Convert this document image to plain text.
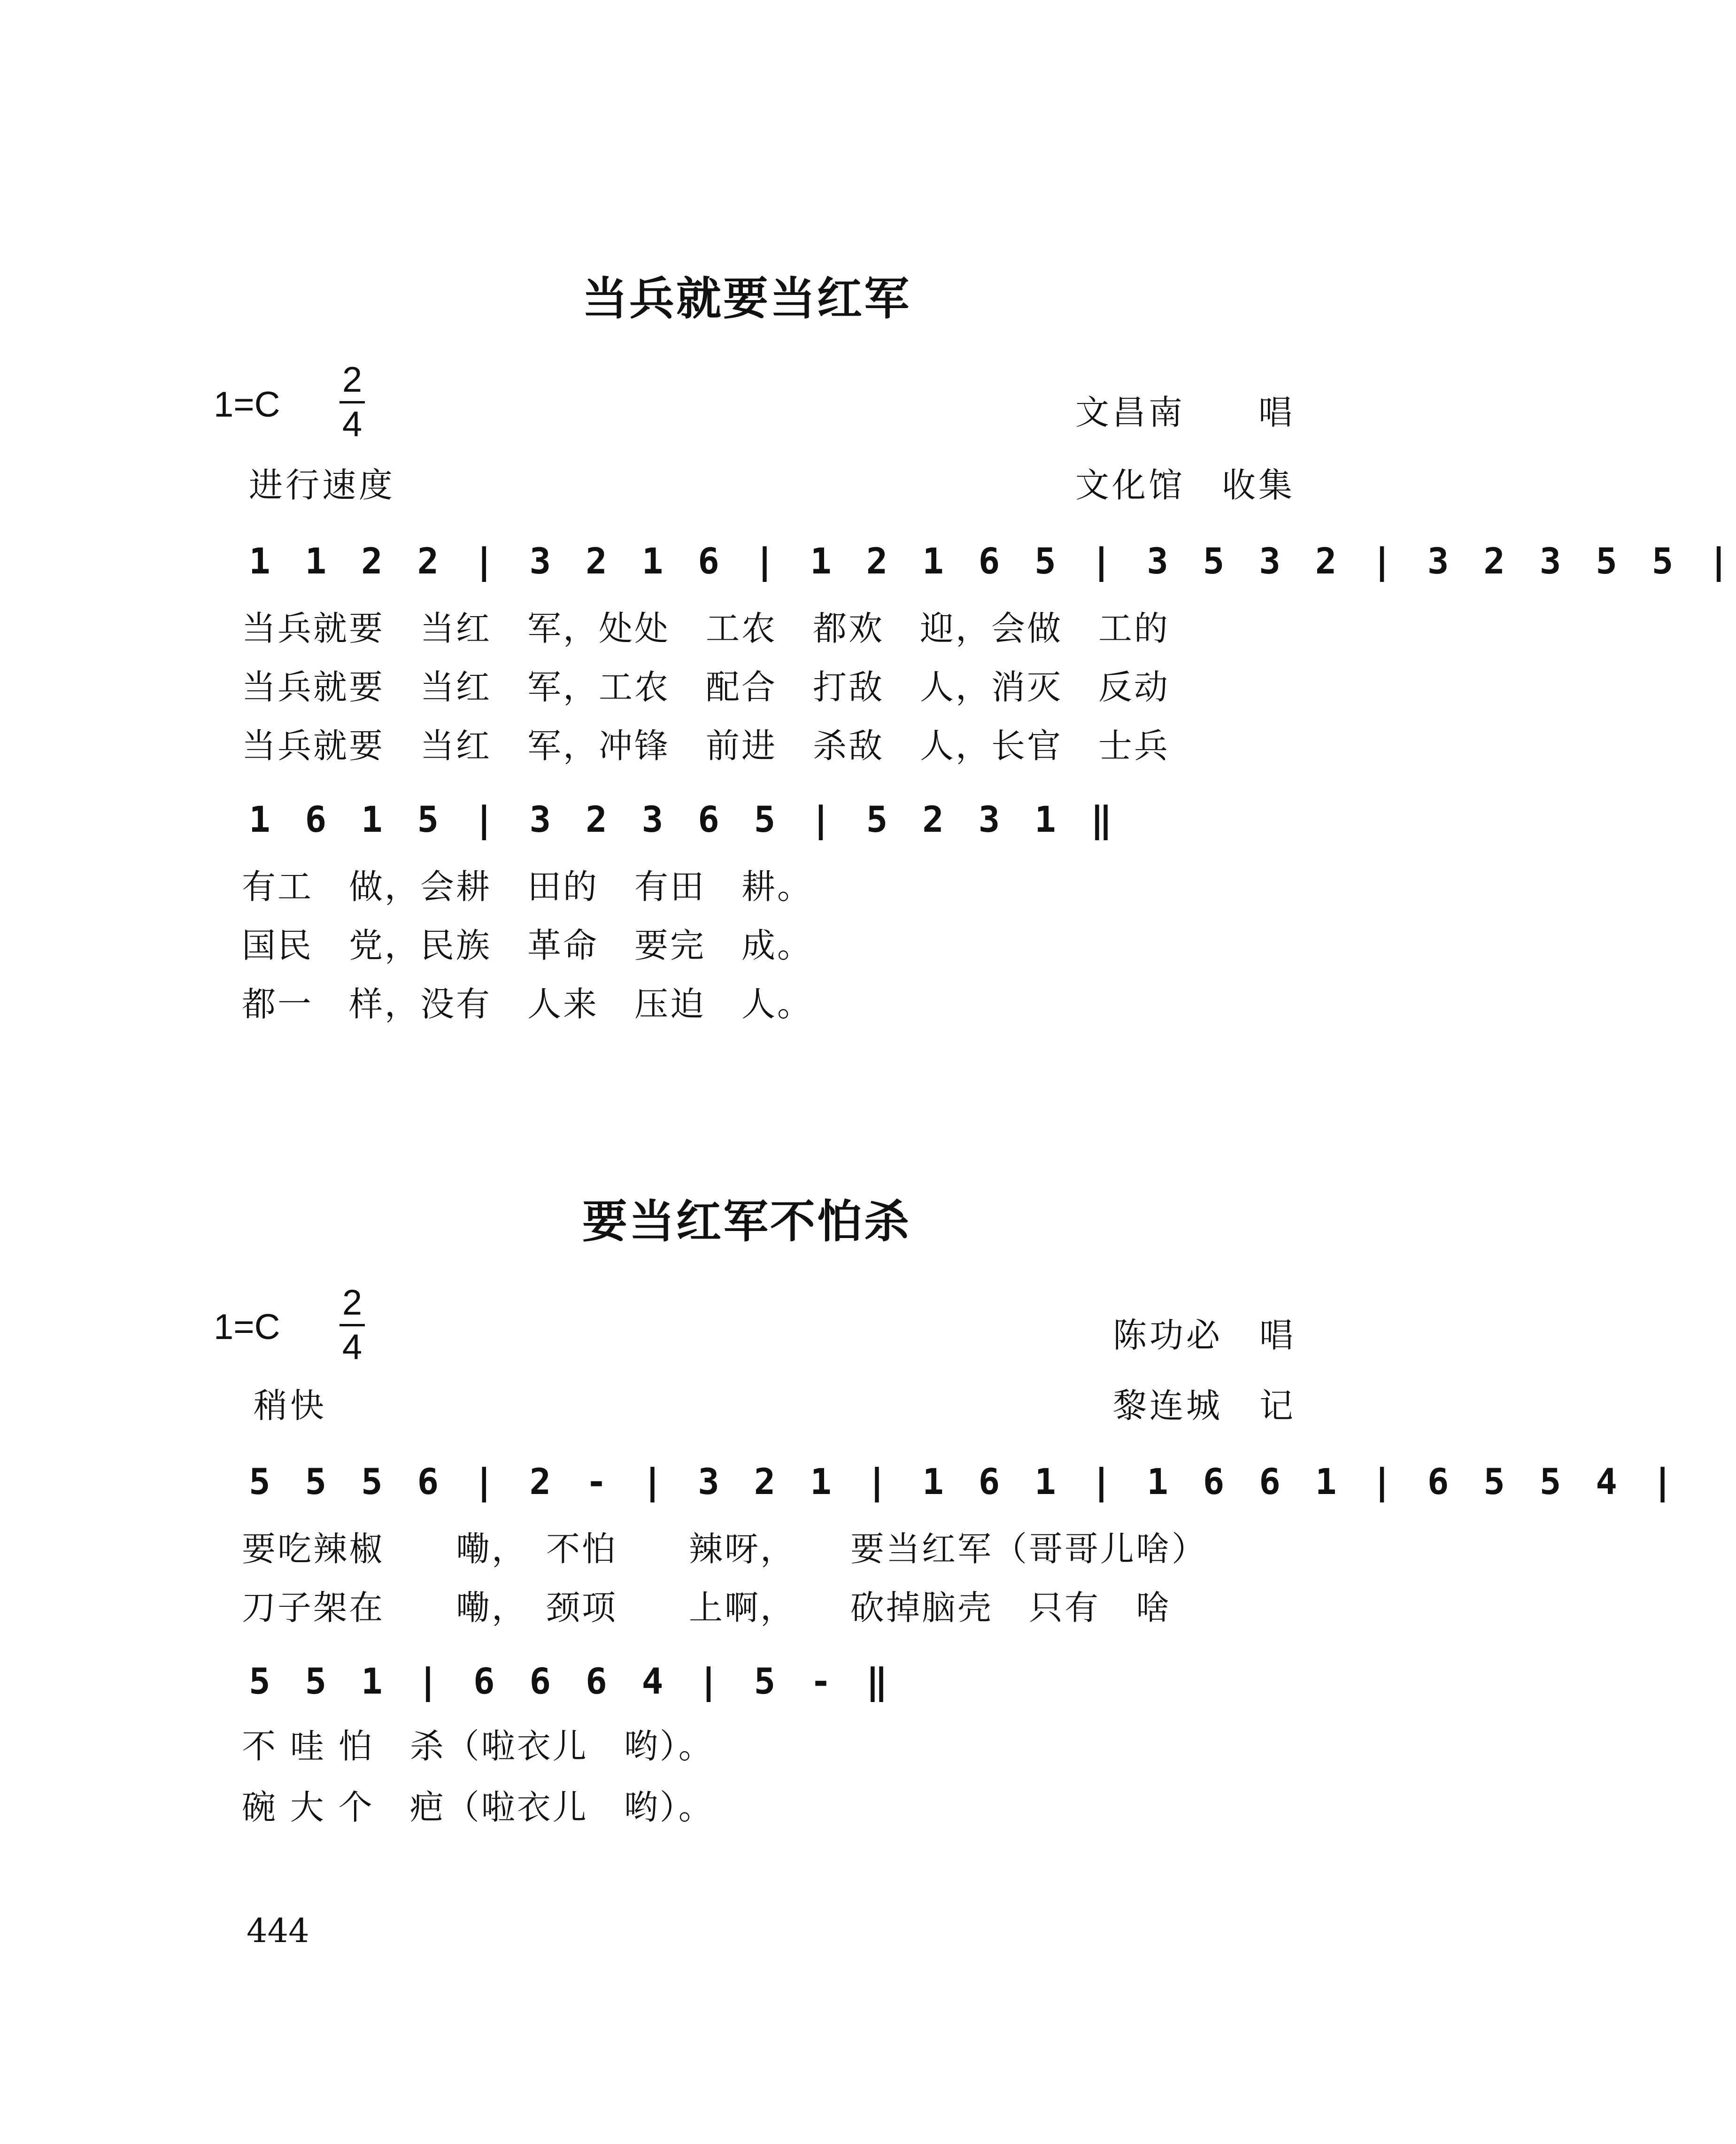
当兵就要当红军
1=C
2
4	文昌南　　唱
进行速度	文化馆　收集
1 1 2 2 | 3 2 1 6 | 1 2 1 6 5 | 3 5 3 2 | 3 2 3 5 5 |
当兵就要　当红　军，处处　工农　都欢　迎，会做　工的
当兵就要　当红　军，工农　配合　打敌　人，消灭　反动
当兵就要　当红　军，冲锋　前进　杀敌　人，长官　士兵
1 6 1 5 | 3 2 3 6 5 | 5 2 3 1 ‖
有工　做，会耕　田的　有田　耕。
国民　党，民族　革命　要完　成。
都一　样，没有　人来　压迫　人。
要当红军不怕杀
1=C
2
4	陈功必　唱
稍快	黎连城　记
5 5 5 6 | 2 - | 3 2 1 | 1 6 1 | 1 6 6 1 | 6 5 5 4 |
要吃辣椒　　嘞，　不怕　　辣呀，　　要当红军（哥哥儿啥）
刀子架在　　嘞，　颈项　　上啊，　　砍掉脑壳　只有　啥
5 5 1 | 6 6 6 4 | 5 - ‖
不 哇 怕　杀（啦衣儿　哟）。
碗 大 个　疤（啦衣儿　哟）。
444
